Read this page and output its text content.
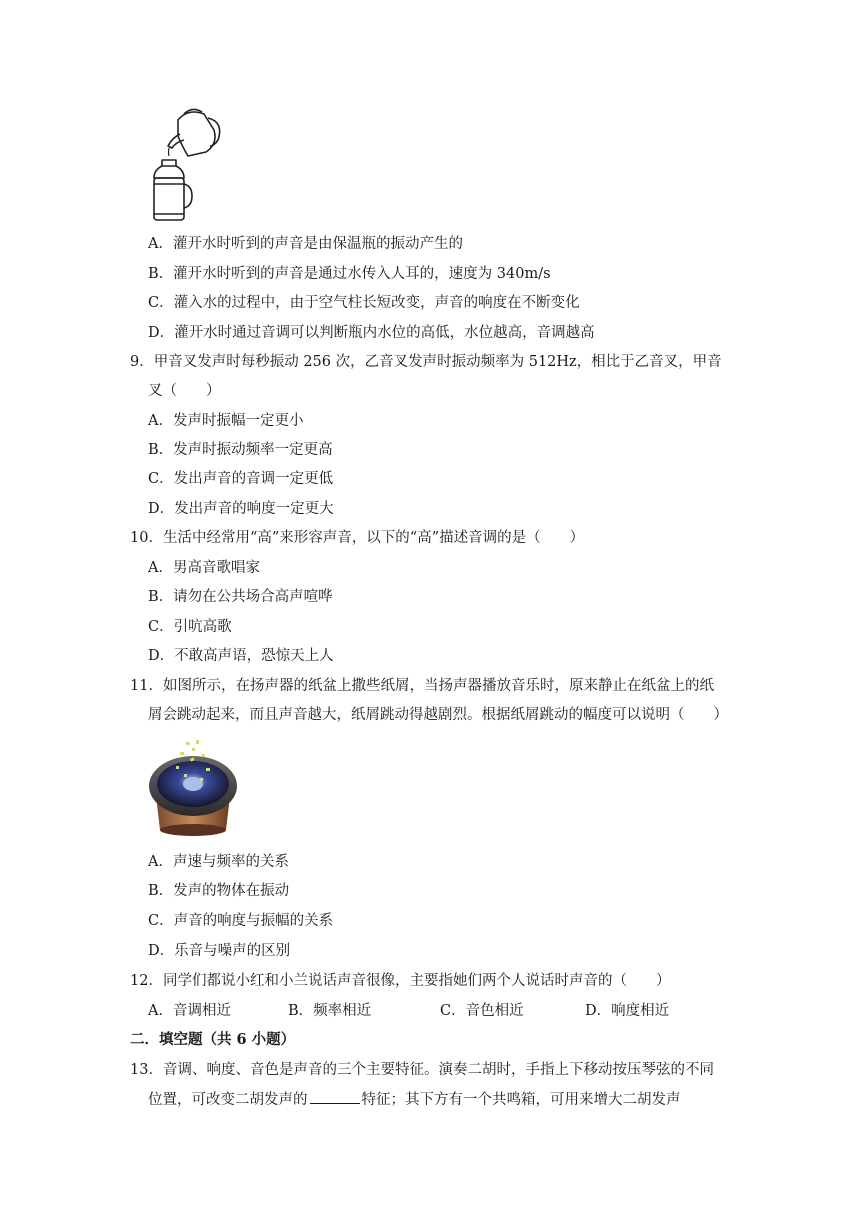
A．灌开水时听到的声音是由保温瓶的振动产生的
B．灌开水时听到的声音是通过水传入人耳的，速度为 340m/s
C．灌入水的过程中，由于空气柱长短改变，声音的响度在不断变化
D．灌开水时通过音调可以判断瓶内水位的高低，水位越高，音调越高
9．甲音叉发声时每秒振动 256 次，乙音叉发声时振动频率为 512Hz，相比于乙音叉，甲音
叉（　　）
A．发声时振幅一定更小
B．发声时振动频率一定更高
C．发出声音的音调一定更低
D．发出声音的响度一定更大
10．生活中经常用“高”来形容声音，以下的“高”描述音调的是（　　）
A．男高音歌唱家
B．请勿在公共场合高声喧哗
C．引吭高歌
D．不敢高声语，恐惊天上人
11．如图所示，在扬声器的纸盆上撒些纸屑，当扬声器播放音乐时，原来静止在纸盆上的纸
屑会跳动起来，而且声音越大，纸屑跳动得越剧烈。根据纸屑跳动的幅度可以说明（　　）
A．声速与频率的关系
B．发声的物体在振动
C．声音的响度与振幅的关系
D．乐音与噪声的区别
12．同学们都说小红和小兰说话声音很像，主要指她们两个人说话时声音的（　　）
A．音调相近	B．频率相近	C．音色相近	D．响度相近
二．填空题（共 6 小题）
13．音调、响度、音色是声音的三个主要特征。演奏二胡时，手指上下移动按压琴弦的不同
位置，可改变二胡发声的	特征；其下方有一个共鸣箱，可用来增大二胡发声
